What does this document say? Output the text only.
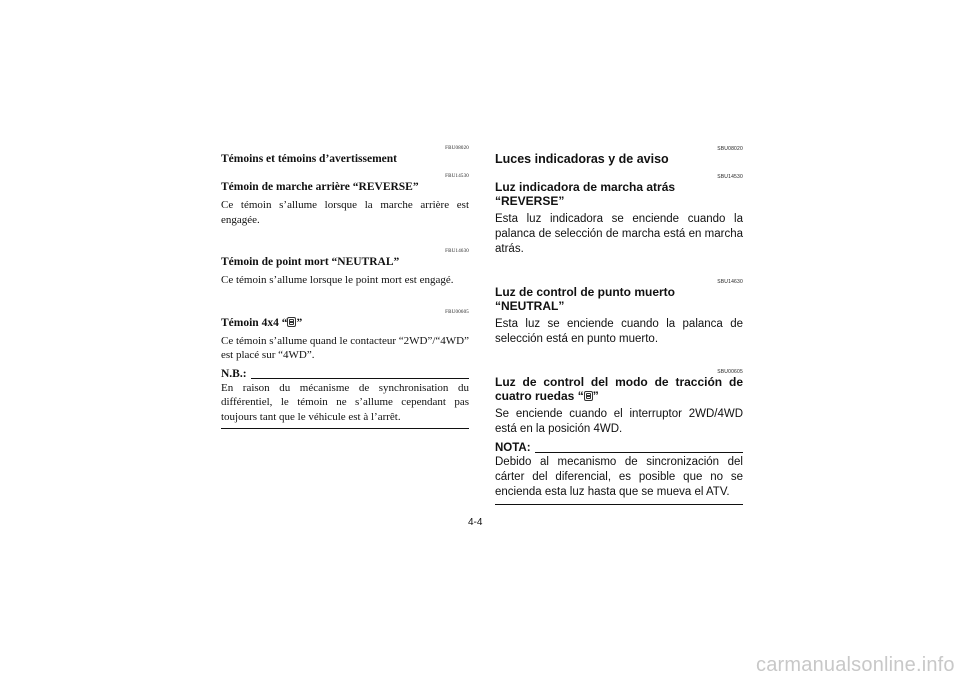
FBU08020
Témoins et témoins d’avertissement
FBU14530
Témoin de marche arrière “REVERSE”

Ce témoin s’allume lorsque la marche arrière est engagée.

FBU14630
Témoin de point mort “NEUTRAL”

Ce témoin s’allume lorsque le point mort est engagé.

FBU00605
Témoin 4x4 “ ”

Ce témoin s’allume quand le contacteur “2WD”/“4WD” est placé sur “4WD”.

N.B.:

En raison du mécanisme de synchronisation du différentiel, le témoin ne s’allume cependant pas toujours tant que le véhicule est à l’arrêt.

SBU08020
Luces indicadoras y de aviso
SBU14530
Luz indicadora de marcha atrás “REVERSE”

Esta luz indicadora se enciende cuando la palanca de selección de marcha está en marcha atrás.

SBU14630
Luz de control de punto muerto “NEUTRAL”

Esta luz se enciende cuando la palanca de selección está en punto muerto.

SBU00605
Luz de control del modo de tracción de cuatro ruedas “ ”

Se enciende cuando el interruptor 2WD/4WD está en la posición 4WD.

NOTA:

Debido al mecanismo de sincronización del cárter del diferencial, es posible que no se encienda esta luz hasta que se mueva el ATV.

4-4
carmanualsonline.info
